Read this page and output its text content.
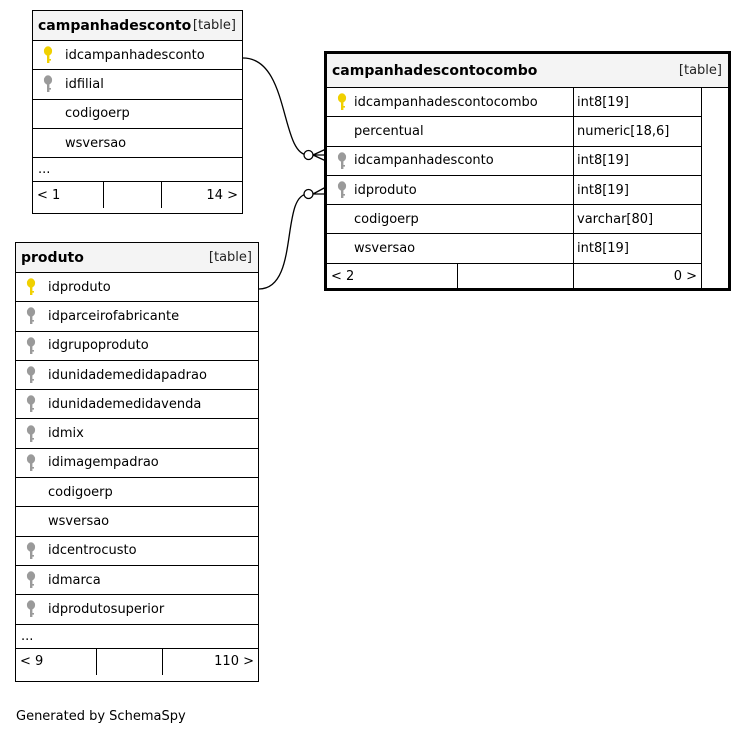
campanhadesconto [table]
idcampanhadesconto
idfilial
codigoerp
wsversao
...
< 1	14 >
produto	[table]
idproduto
idparceirofabricante
idgrupoproduto
idunidademedidapadrao
idunidademedidavenda
idmix
idimagempadrao
codigoerp
wsversao
idcentrocusto
idmarca
idprodutosuperior
...
< 9	110 >
campanhadescontocombo	[table]
idcampanhadescontocombo	int8[19]
percentual	numeric[18,6]
idcampanhadesconto	int8[19]
idproduto	int8[19]
codigoerp	varchar[80]
wsversao	int8[19]
< 2	0 >
Generated by SchemaSpy
